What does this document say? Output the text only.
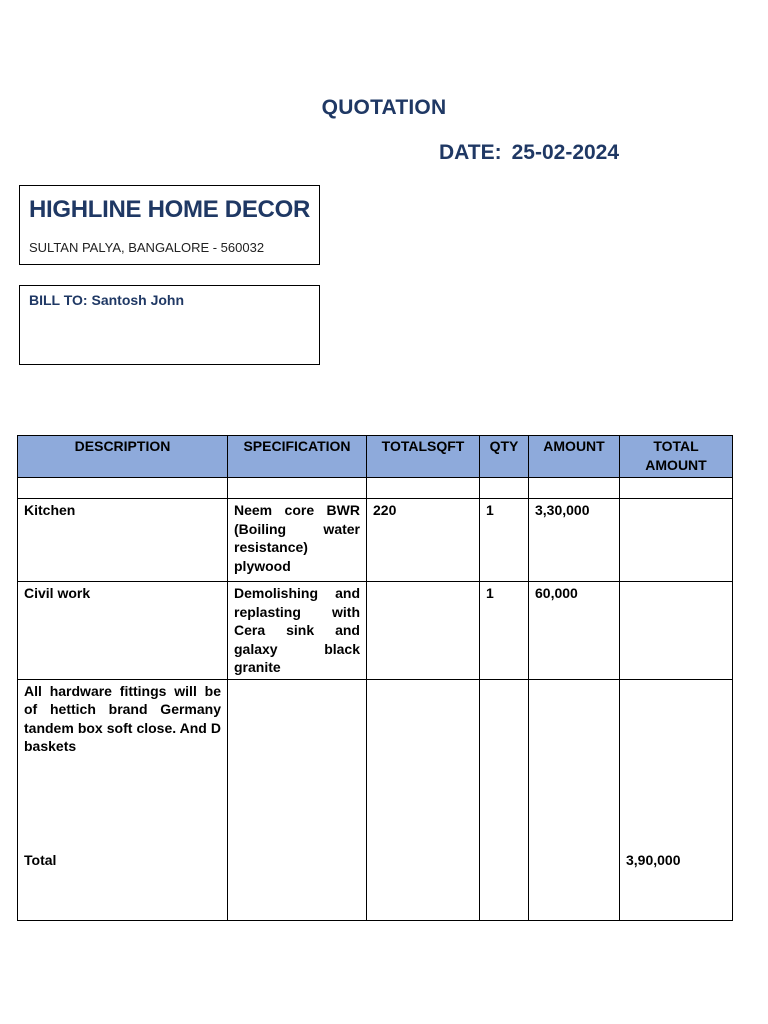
QUOTATION
DATE: 25-02-2024
HIGHLINE HOME DECOR
SULTAN PALYA, BANGALORE - 560032
BILL TO: Santosh John
DESCRIPTION	SPECIFICATION	TOTALSQFT	QTY	AMOUNT	TOTAL AMOUNT

Kitchen	Neem core BWR (Boiling water resistance) plywood	220	1	3,30,000	
Civil work	Demolishing and replasting with Cera sink and galaxy black granite		1	60,000	

All hardware fittings will be of hettich brand Germany tandem box soft close. And D baskets
Total					3,90,000
